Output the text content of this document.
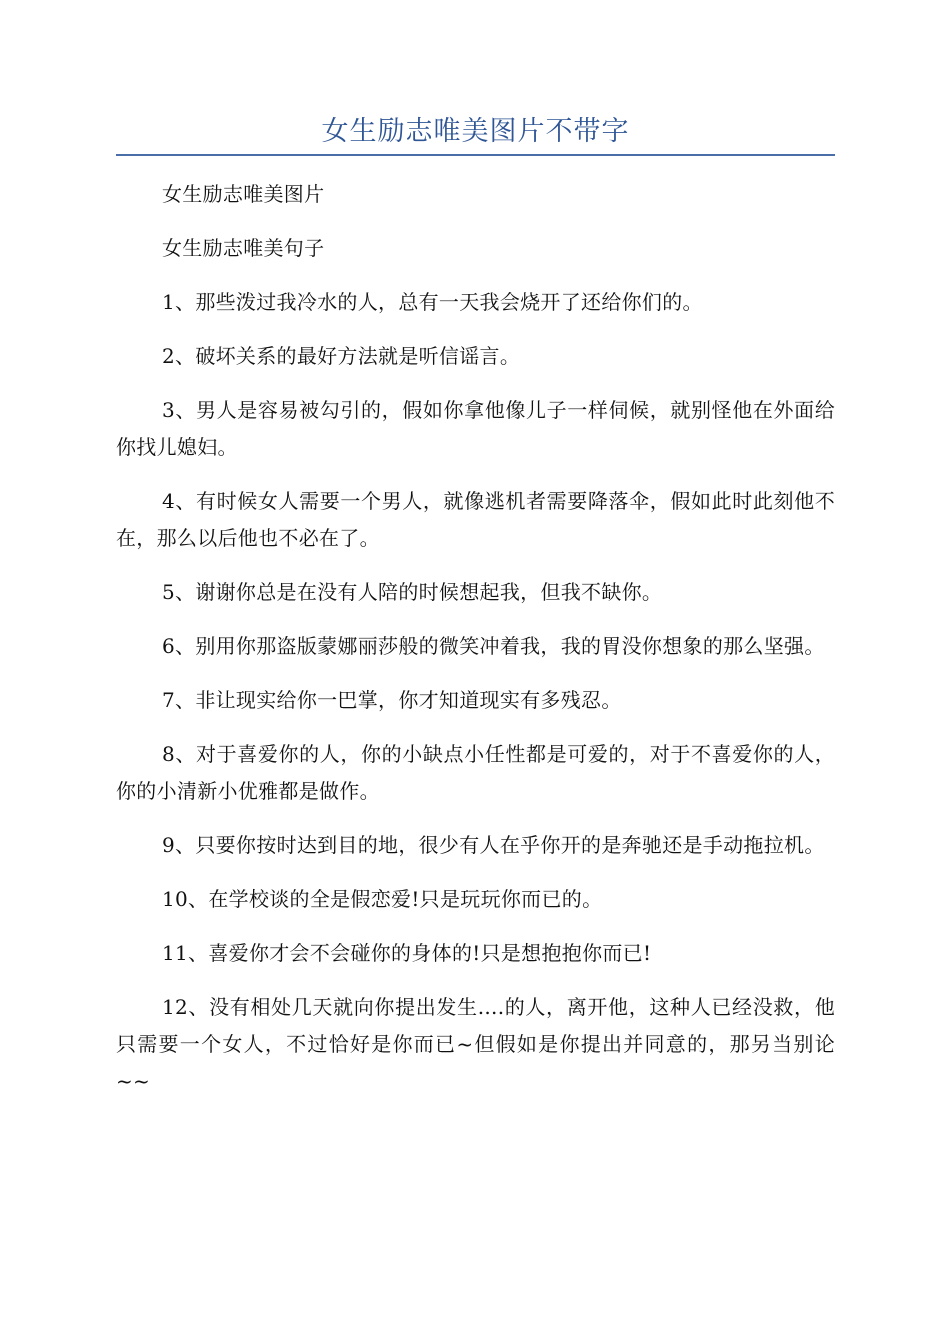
女生励志唯美图片不带字

女生励志唯美图片

女生励志唯美句子

1、那些泼过我冷水的人，总有一天我会烧开了还给你们的。

2、破坏关系的最好方法就是听信谣言。

3、男人是容易被勾引的，假如你拿他像儿子一样伺候，就别怪他在外面给你找儿媳妇。

4、有时候女人需要一个男人，就像逃机者需要降落伞，假如此时此刻他不在，那么以后他也不必在了。

5、谢谢你总是在没有人陪的时候想起我，但我不缺你。

6、别用你那盗版蒙娜丽莎般的微笑冲着我，我的胃没你想象的那么坚强。

7、非让现实给你一巴掌，你才知道现实有多残忍。

8、对于喜爱你的人，你的小缺点小任性都是可爱的，对于不喜爱你的人，你的小清新小优雅都是做作。

9、只要你按时达到目的地，很少有人在乎你开的是奔驰还是手动拖拉机。

10、在学校谈的全是假恋爱!只是玩玩你而已的。

11、喜爱你才会不会碰你的身体的!只是想抱抱你而已!

12、没有相处几天就向你提出发生....的人，离开他，这种人已经没救，他只需要一个女人，不过恰好是你而已~但假如是你提出并同意的，那另当别论~~
